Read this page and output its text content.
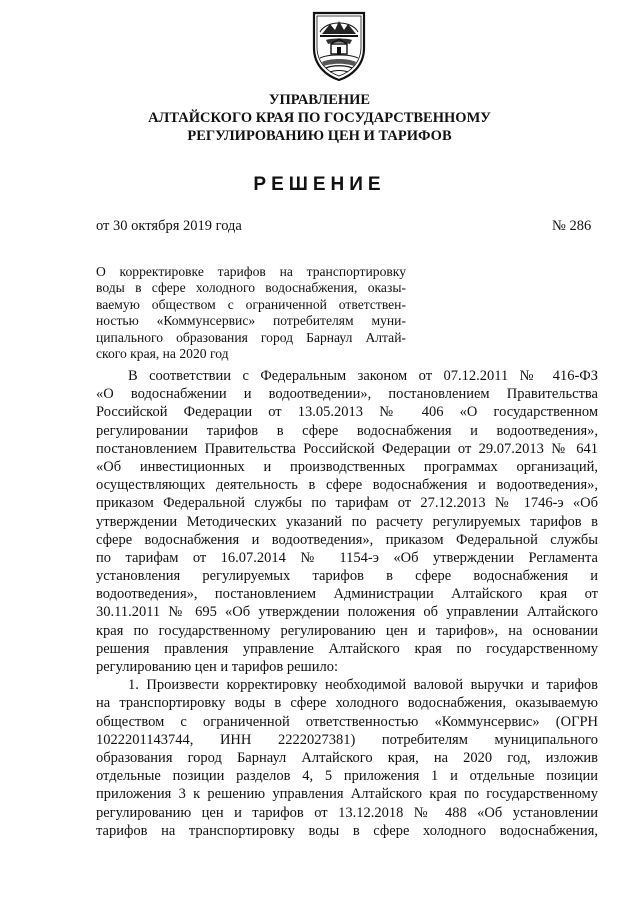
УПРАВЛЕНИЕ
АЛТАЙСКОГО КРАЯ ПО ГОСУДАРСТВЕННОМУ
РЕГУЛИРОВАНИЮ ЦЕН И ТАРИФОВ
РЕШЕНИЕ
от 30 октября 2019 года	№ 286
О корректировке тарифов на транспортировку
воды в сфере холодного водоснабжения, оказы-
ваемую обществом с ограниченной ответствен-
ностью «Коммунсервис» потребителям муни-
ципального образования город Барнаул Алтай-
ского края, на 2020 год
В соответствии с Федеральным законом от 07.12.2011 № 416-ФЗ
«О водоснабжении и водоотведении», постановлением Правительства
Российской Федерации от 13.05.2013 № 406 «О государственном
регулировании тарифов в сфере водоснабжения и водоотведения»,
постановлением Правительства Российской Федерации от 29.07.2013 № 641
«Об инвестиционных и производственных программах организаций,
осуществляющих деятельность в сфере водоснабжения и водоотведения»,
приказом Федеральной службы по тарифам от 27.12.2013 № 1746-э «Об
утверждении Методических указаний по расчету регулируемых тарифов в
сфере водоснабжения и водоотведения», приказом Федеральной службы
по тарифам от 16.07.2014 № 1154-э «Об утверждении Регламента
установления регулируемых тарифов в сфере водоснабжения и
водоотведения», постановлением Администрации Алтайского края от
30.11.2011 № 695 «Об утверждении положения об управлении Алтайского
края по государственному регулированию цен и тарифов», на основании
решения правления управление Алтайского края по государственному
регулированию цен и тарифов решило:
1. Произвести корректировку необходимой валовой выручки и тарифов
на транспортировку воды в сфере холодного водоснабжения, оказываемую
обществом с ограниченной ответственностью «Коммунсервис» (ОГРН
1022201143744, ИНН 2222027381) потребителям муниципального
образования город Барнаул Алтайского края, на 2020 год, изложив
отдельные позиции разделов 4, 5 приложения 1 и отдельные позиции
приложения 3 к решению управления Алтайского края по государственному
регулированию цен и тарифов от 13.12.2018 № 488 «Об установлении
тарифов на транспортировку воды в сфере холодного водоснабжения,
